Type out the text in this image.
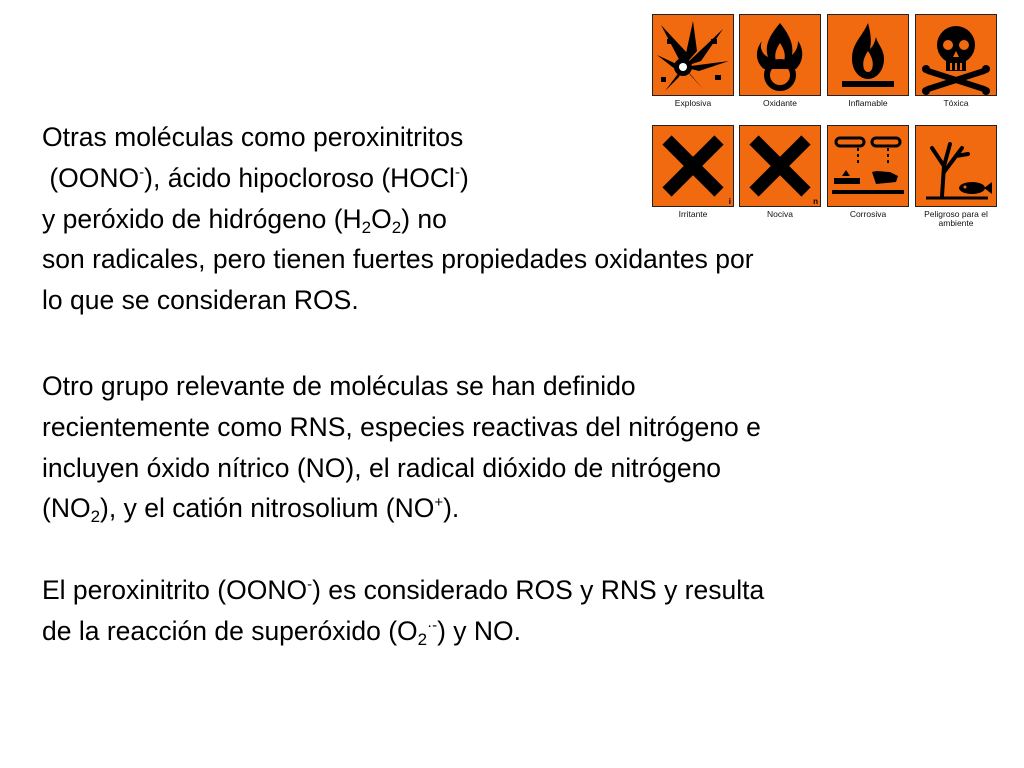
Explosiva	Oxidante	Inflamable	Tóxica
i
Irritante
n
Nociva	Corrosiva	Peligroso para el ambiente
Otras moléculas como peroxinitritos
(OONO-), ácido hipocloroso (HOCl-)
y peróxido de hidrógeno $(H_2O_2)$ no
son radicales, pero tienen fuertes propiedades oxidantes por
lo que se consideran ROS.
Otro grupo relevante de moléculas se han definido
recientemente como RNS, especies reactivas del nitrógeno e
incluyen óxido nítrico (NO), el radical dióxido de nitrógeno
$(NO_2)$, y el catión nitrosolium (NO+).
El peroxinitrito (OONO-) es considerado ROS y RNS y resulta
de la reacción de superóxido $(O_2^{\cdot-})$ y NO.
